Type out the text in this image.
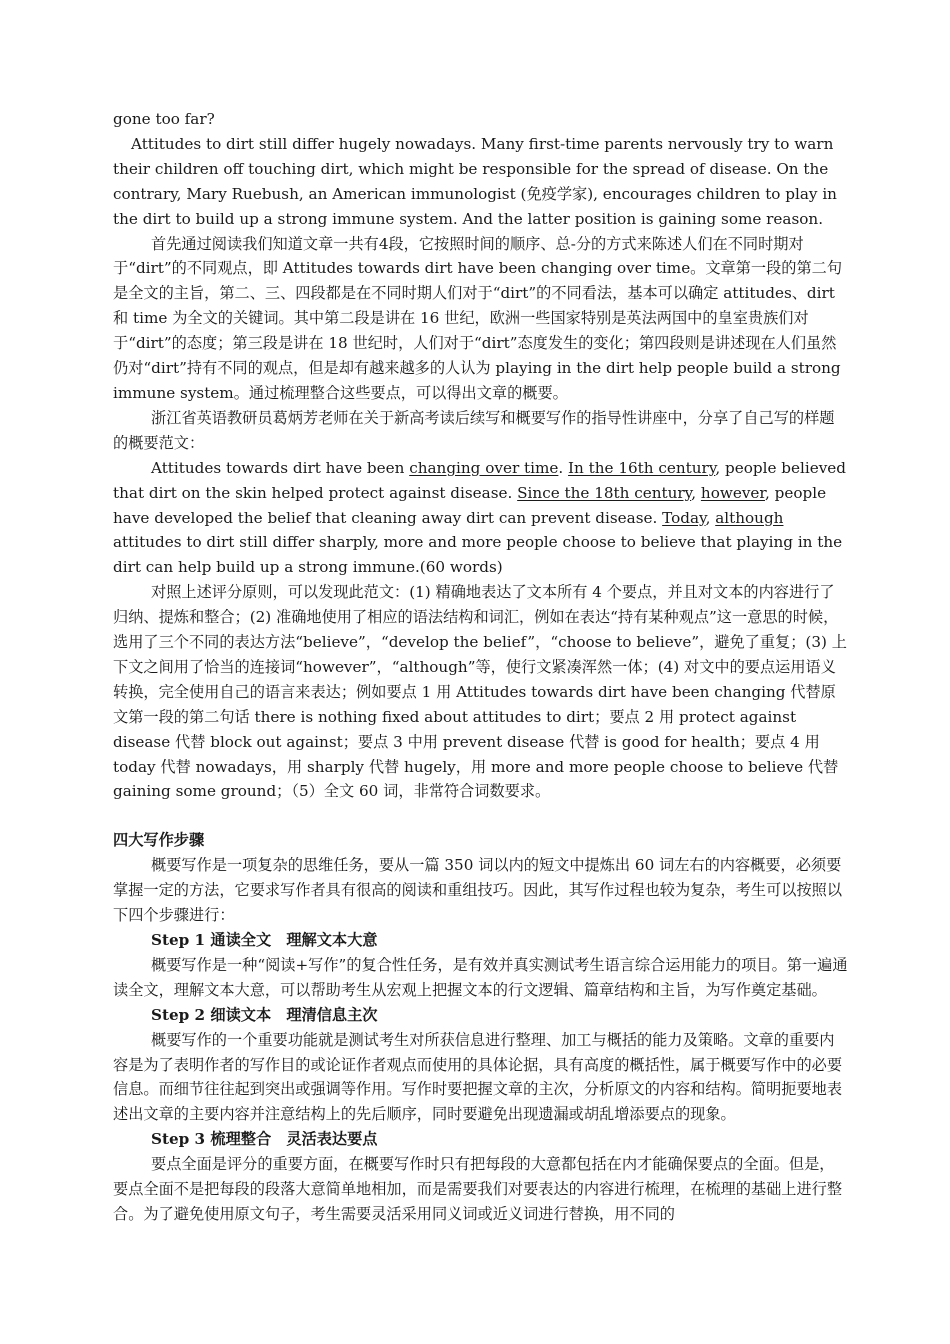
gone too far?

Attitudes to dirt still differ hugely nowadays. Many first-time parents nervously try to warn their children off touching dirt, which might be responsible for the spread of disease. On the contrary, Mary Ruebush, an American immunologist (免疫学家), encourages children to play in the dirt to build up a strong immune system. And the latter position is gaining some reason.

首先通过阅读我们知道文章一共有4段，它按照时间的顺序、总-分的方式来陈述人们在不同时期对于“dirt”的不同观点，即 Attitudes towards dirt have been changing over time。文章第一段的第二句是全文的主旨，第二、三、四段都是在不同时期人们对于“dirt”的不同看法，基本可以确定 attitudes、dirt 和 time 为全文的关键词。其中第二段是讲在 16 世纪，欧洲一些国家特别是英法两国中的皇室贵族们对于“dirt”的态度；第三段是讲在 18 世纪时，人们对于“dirt”态度发生的变化；第四段则是讲述现在人们虽然仍对“dirt”持有不同的观点，但是却有越来越多的人认为 playing in the dirt help people build a strong immune system。通过梳理整合这些要点，可以得出文章的概要。

浙江省英语教研员葛炳芳老师在关于新高考读后续写和概要写作的指导性讲座中，分享了自己写的样题的概要范文：

Attitudes towards dirt have been changing over time. In the 16th century, people believed that dirt on the skin helped protect against disease. Since the 18th century, however, people have developed the belief that cleaning away dirt can prevent disease. Today, although attitudes to dirt still differ sharply, more and more people choose to believe that playing in the dirt can help build up a strong immune.(60 words)

对照上述评分原则，可以发现此范文：(1) 精确地表达了文本所有 4 个要点，并且对文本的内容进行了归纳、提炼和整合；(2) 准确地使用了相应的语法结构和词汇，例如在表达“持有某种观点”这一意思的时候，选用了三个不同的表达方法“believe”，“develop the belief”，“choose to believe”，避免了重复；(3) 上下文之间用了恰当的连接词“however”，“although”等，使行文紧凑浑然一体；(4) 对文中的要点运用语义转换，完全使用自己的语言来表达；例如要点 1 用 Attitudes towards dirt have been changing 代替原文第一段的第二句话 there is nothing fixed about attitudes to dirt；要点 2 用 protect against disease 代替 block out against；要点 3 中用 prevent disease 代替 is good for health；要点 4 用 today 代替 nowadays，用 sharply 代替 hugely，用 more and more people choose to believe 代替 gaining some ground；（5）全文 60 词，非常符合词数要求。

四大写作步骤

概要写作是一项复杂的思维任务，要从一篇 350 词以内的短文中提炼出 60 词左右的内容概要，必须要掌握一定的方法，它要求写作者具有很高的阅读和重组技巧。因此，其写作过程也较为复杂，考生可以按照以下四个步骤进行：

Step 1 通读全文　理解文本大意

概要写作是一种“阅读+写作”的复合性任务，是有效并真实测试考生语言综合运用能力的项目。第一遍通读全文，理解文本大意，可以帮助考生从宏观上把握文本的行文逻辑、篇章结构和主旨，为写作奠定基础。

Step 2 细读文本　理清信息主次

概要写作的一个重要功能就是测试考生对所获信息进行整理、加工与概括的能力及策略。文章的重要内容是为了表明作者的写作目的或论证作者观点而使用的具体论据，具有高度的概括性，属于概要写作中的必要信息。而细节往往起到突出或强调等作用。写作时要把握文章的主次，分析原文的内容和结构。简明扼要地表述出文章的主要内容并注意结构上的先后顺序，同时要避免出现遗漏或胡乱增添要点的现象。

Step 3 梳理整合　灵活表达要点

要点全面是评分的重要方面，在概要写作时只有把每段的大意都包括在内才能确保要点的全面。但是，要点全面不是把每段的段落大意简单地相加，而是需要我们对要表达的内容进行梳理，在梳理的基础上进行整合。为了避免使用原文句子，考生需要灵活采用同义词或近义词进行替换，用不同的
